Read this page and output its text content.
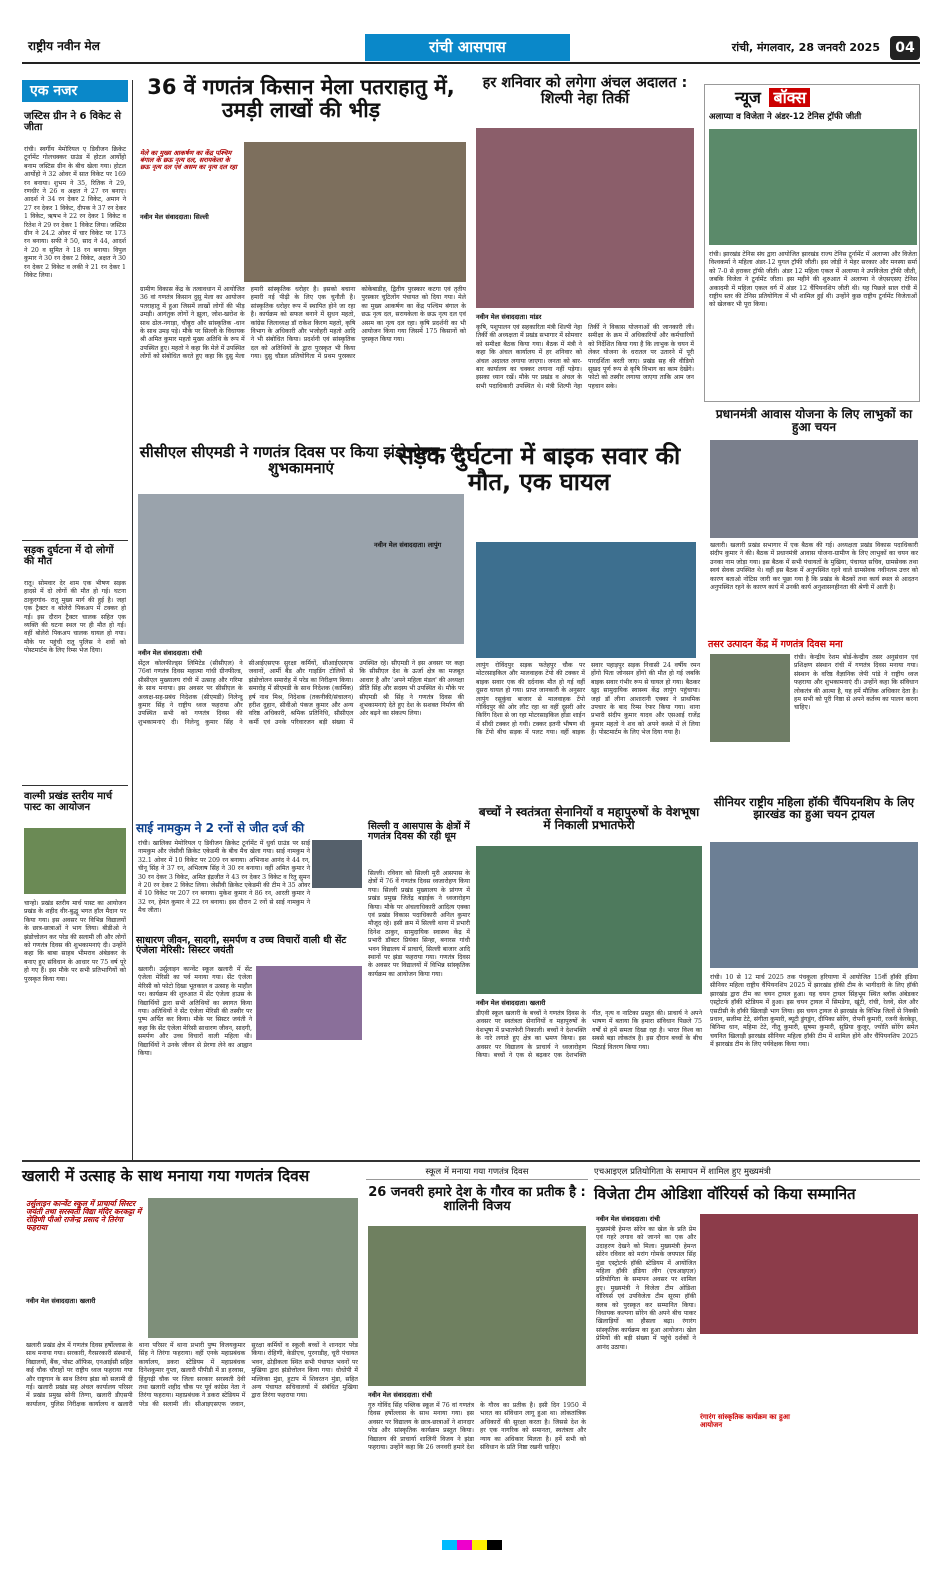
राष्ट्रीय नवीन मेल	रांची आसपास	रांची, मंगलवार, 28 जनवरी 2025	04
एक नजर
जस्टिस ग्रीन ने 6 विकेट से जीता
रांची। स्वर्गीय मेमोरियल ए डिवीजन क्रिकेट टूर्नामेंट गोलचक्कर ग्राउंड में होटल आर्योहो बनाम जस्टिस ग्रीन के बीच खेला गया। होटल आर्योहो ने 32 ओवर में सात विकेट पर 169 रन बनाया। शुभम ने 35, रितिक ने 29, रणधीर ने 26 व अक्षत ने 27 रन बनाए। आदर्श ने 34 रन देकर 2 विकेट, अमान ने 27 रन देकर 1 विकेट, दीपक ने 37 रन देकर 1 विकेट, ऋषभ ने 22 रन देकर 1 विकेट व रितेश ने 29 रन देकर 1 विकेट लिया। जस्टिस ग्रीन ने 24.2 ओवर में चार विकेट पर 173 रन बनाया। सफी ने 50, साद ने 44, आदर्श ने 20 व सुमित ने 18 रन बनाया। विपुल कुमार ने 30 रन देकर 2 विकेट, अक्षत ने 30 रन देकर 2 विकेट व लकी ने 21 रन देकर 1 विकेट लिया।
सड़क दुर्घटना में दो लोगों की मौत
रातू। सोमवार देर शाम एक भीषण सड़क हादसे में दो लोगों की मौत हो गई। घटना ठाकुरगांव- रातू मुख्य मार्ग की हुई है। जहां एक ट्रैक्टर व बोलेरो पिकअप में टक्कर हो गई। इस दौरान ट्रैक्टर चालक सहित एक व्यक्ति की घटना स्थल पर ही मौत हो गई। वहीं बोलेरो पिकअप चालक घायल हो गया। मौके पर पहुंची रातू पुलिस ने शवों को पोस्टमार्टम के लिए रिम्स भेज दिया।
वाल्मी प्रखंड स्तरीय मार्च पास्ट का आयोजन
चान्हो। प्रखंड स्तरीय मार्च पास्ट का आयोजन प्रखंड के शहीद वीर-बुद्धू भगत हॉल मैदान पर किया गया। इस अवसर पर विभिन्न विद्यालयों के छात्र-छात्राओं ने भाग लिया। बीडीओ ने झंडोत्तोलन कर परेड की सलामी ली और लोगों को गणतंत्र दिवस की शुभकामनाएं दी। उन्होंने कहा कि बाबा साहब भीमराव अंबेडकर के बनाए हुए संविधान के आधार पर 75 वर्ष पूरे हो गए हैं। इस मौके पर सभी प्रतिभागियों को पुरस्कृत किया गया।
36 वें गणतंत्र किसान मेला पतराहातु में, उमड़ी लाखों की भीड़
मेले का मुख्य आकर्षण का केंद्र पश्चिम बंगाल के छऊ नृत्य दल, सरायकेला के छऊ नृत्य दल एवं असम का नृत्य दल रहा
नवीन मेल संवाददाता। सिल्ली
ग्रामीण विकास केंद्र के तत्वावधान में आयोजित 36 वां गणतंत्र किसान दुसु मेला का आयोजन पतराहातु में हुआ जिसमें लाखों लोगों की भीड़ उमड़ी। आगंतुक लोगों ने झूला, जोश-खरोश के साथ ढोल-नगाड़ा, चौबुरा और सांस्कृतिक -धान के साथ उमड़ पड़े। मौके पर सिल्ली के विधायक श्री अमित कुमार महतो मुख्य अतिथि के रूप में उपस्थित हुए। महतो ने कहा कि मेले में उपस्थित लोगों को संबोधित करते हुए कहा कि दुसु मेला हमारी सांस्कृतिक धरोहर है। इसको बचाना हमारी नई पीढ़ी के लिए एक चुनौती है। सांस्कृतिक धरोहर रूप में स्थापित होने जा रहा है। कार्यक्रम को सफल बनाने में सुधन महतो, कांग्रेस जिलाध्यक्ष डॉ राकेश किरण महतो, कृषि विभाग के अधिकारी और भजोहरी महतो आदि ने भी संबोधित किया। प्रदर्शनी एवं सांस्कृतिक दल को अतिथियों के द्वारा पुरस्कृत भी किया गया। दुसु चौडल प्रतियोगिता में प्रथम पुरस्कार कोकेबाडीह, द्वितीय पुरस्कार कटगा एवं तृतीय पुरस्कार चुटिलोंग पंचायत को दिया गया। मेले का मुख्य आकर्षण का केंद्र पश्चिम बंगाल के छऊ नृत्य दल, सरायकेला के छऊ नृत्य दल एवं असम का नृत्य दल रहा। कृषि प्रदर्शनी का भी आयोजन किया गया जिसमें 175 किसानों को पुरस्कृत किया गया।
हर शनिवार को लगेगा अंचल अदालत : शिल्पी नेहा तिर्की
नवीन मेल संवाददाता। मांडर
कृषि, पशुपालन एवं सहकारिता मंत्री शिल्पी नेहा तिर्की की अध्यक्षता में प्रखंड सभागार में सोमवार को समीक्षा बैठक किया गया। बैठक में मंत्री ने कहा कि अंचल कार्यालय में हर शनिवार को अंचल अदालत लगाया जाएगा। जनता को बार-बार कार्यालय का चक्कर लगाना नहीं पड़ेगा। इसका ध्यान रखें। मौके पर प्रखंड व अंचल के सभी पदाधिकारी उपस्थित थे। मंत्री शिल्पी नेहा तिर्की ने विकास योजनाओं की जानकारी ली। समीक्षा के क्रम में अधिकारियों और कर्मचारियों को निर्देशित किया गया है कि लाभुक के चयन में लेकर योजना के धरातल पर उतारने में पूरी पारदर्शिता बरती जाए। प्रखंड सह की वीडियो सुखद पूर्ण रूप से कृषि विभाग का काम देखेंगे। फोटो को तस्वीर लगाया जाएगा ताकि आम जन पहचान सके।
न्यूज बॉक्स
अलाप्या व विजेता ने अंडर-12 टेनिस ट्रॉफी जीती
रांची। झारखंड टेनिस संघ द्वारा आयोजित झारखंड राज्य टेनिस टूर्नामेंट में अलाप्या और विजेता विश्वकर्मा ने महिला अंडर-12 युगल ट्रॉफी जीती। इस जोड़ी ने मेहर सरकार और मनस्या सर्मा को 7-0 से हराकर ट्रॉफी जीती। अंडर 12 महिला एकल में अलाप्या ने उपविजेता ट्रॉफी जीती, जबकि विजेता ने टूर्नामेंट जीता। इस महीने की शुरुआत में अलाप्या ने जेएसएसए टेनिस अकादमी में महिला एकल वर्ग में अंडर 12 चैंपियनशिप जीती थी। यह पिछले साल रांची में राष्ट्रीय स्तर की टेनिस प्रतियोगिता में भी शामिल हुई थी। उन्होंने कुछ राष्ट्रीय टूर्नामेंट विजेताओं को खेलकर भी पूरा किया।
प्रधानमंत्री आवास योजना के लिए लाभुकों का हुआ चयन
खलारी। खलारी प्रखंड सभागार में एक बैठक की गई। अध्यक्षता प्रखंड विकास पदाधिकारी संदीप कुमार ने की। बैठक में प्रधानमंत्री आवास योजना-ग्रामीण के लिए लाभुकों का चयन कर उनका नाम जोड़ा गया। इस बैठक में सभी पंचायतों के मुखिया, पंचायत सचिव, ग्रामसेवक तथा स्वयं सेवक उपस्थित थे। वहीं इस बैठक में अनुपस्थित रहने वाले ग्रामसेवक नवीनतम उत्तर को कारण बताओ नोटिस जारी कर पूछा गया है कि प्रखंड के बैठकों तथा कार्य स्थल से आदतन अनुपस्थित रहने के कारण कार्य में उनकी कार्य अनुशासनहीनता की श्रेणी में आती है।
तसर उत्पादन केंद्र में गणतंत्र दिवस मना
रांची। केन्द्रीय रेशम बोर्ड-केन्द्रीय तसर अनुसंधान एवं प्रशिक्षण संस्थान रांची में गणतंत्र दिवस मनाया गया। संस्थान के वरिष्ठ वैज्ञानिक जेपी पांडे ने राष्ट्रीय ध्वज फहराया और शुभकामनाएं दी। उन्होंने कहा कि संविधान लोकतंत्र की आत्मा है, यह हमें मौलिक अधिकार देता है। हम सभी को पूरी निष्ठा से अपने कर्तव्य का पालन करना चाहिए।
सीनियर राष्ट्रीय महिला हॉकी चैंपियनशिप के लिए झारखंड का हुआ चयन ट्रायल
रांची। 10 से 12 मार्च 2025 तक पंचकूला हरियाणा में आयोजित 15वीं हॉकी इंडिया सीनियर महिला राष्ट्रीय चैंपियनशिप 2025 में झारखंड हॉकी टीम के भागीदारी के लिए हॉकी झारखंड द्वारा टीम का चयन ट्रायल हुआ। यह चयन ट्रायल सिंहभूम स्थित ब्लॉक अंबेडकर एस्ट्रोटर्फ हॉकी स्टेडियम में हुआ। इस चयन ट्रायल में सिमडेगा, खूंटी, रांची, रेलवे, सेल और एसटीसी के हॉकी खिलाड़ी भाग लिया। इस चयन ट्रायल से झारखंड के विभिन्न जिलों से निक्की प्रधान, सलीमा टेटे, संगीता कुमारी, ब्यूटी डुंगडुंग, दीपिका सोरेंग, रोपनी कुमारी, रजनी केरकेट्टा, बिनिमा धान, महिमा टेटे, नीतू कुमारी, सुषमा कुमारी, सुप्रिया कुजूर, ज्योति सोरेंग समेत चयनित खिलाड़ी झारखंड सीनियर महिला हॉकी टीम में शामिल होंगे और चैंपियनशिप 2025 में झारखंड टीम के लिए पर्यवेक्षक किया गया।
सीसीएल सीएमडी ने गणतंत्र दिवस पर किया झंडोत्तोलन, दी शुभकामनाएं
नवीन मेल संवाददाता। रांची
सेंट्रल कोलफील्ड्स लिमिटेड (सीसीएल) ने 76वां गणतंत्र दिवस महात्मा गांधी ग्रीनफील्ड, सीसीएल मुख्यालय रांची में उत्साह और गरिमा के साथ मनाया। इस अवसर पर सीसीएल के अध्यक्ष-सह-प्रबंध निदेशक (सीएमडी) निलेन्दु कुमार सिंह ने राष्ट्रीय ध्वज फहराया और उपस्थित सभी को गणतंत्र दिवस की शुभकामनाएं दी। निलेन्दु कुमार सिंह ने सीआईएसएफ सुरक्षा कर्मियों, सीआईएसएफ जवानों, आर्मी बैंड और गाइडिंग टोलियों से झंडोत्तोलन समारोह में परेड का निरीक्षण किया। समारोह में सीएमडी के साथ निदेशक (कार्मिक) हर्ष नाथ मिश्र, निदेशक (तकनीकी/संचालन) हरीश दुहान, सीवीओ पंकज कुमार और अन्य वरिष्ठ अधिकारी, श्रमिक प्रतिनिधि, सीसीएल कर्मी एवं उनके परिवारजन बड़ी संख्या में उपस्थित रहे। सीएमडी ने इस अवसर पर कहा कि सीसीएल देश के ऊर्जा क्षेत्र का मजबूत आधार है और 'अपने महिला मंडल' की अध्यक्षा प्रीति सिंह और सदस्य भी उपस्थित थे। मौके पर सीएमडी श्री सिंह ने गणतंत्र दिवस की शुभकामनाएं देते हुए देश के सशक्त निर्माण की ओर बढ़ने का संकल्प लिया।
सड़क दुर्घटना में बाइक सवार की मौत, एक घायल
नवीन मेल संवाददाता। लापुंग
लापुंग रोविंदपुर सड़क फतेहपुर चौक पर मोटरसाइकिल और मालवाहक टेंपो की टक्कर में बाइक सवार एक की दर्दनाक मौत हो गई वहीं दूसरा घायल हो गया। प्राप्त जानकारी के अनुसार लापुंग रसुकुंवा बाजार से मालवाहक टेंपो गोविंदपुर की ओर लौट रहा था वहीं दूसरी ओर किरिंग दिशा से जा रहा मोटरसाइकिल होंडा शाईन में सीधी टक्कर हो गयी। टक्कर इतनी भीषण थी कि टेंपो बीच सड़क में पलट गया। वहीं बाइक सवार पहाड़पुर सड़क निवासी 24 वर्षीय रमन होंगो पिता जोनसन होंगो की मौत हो गई जबकि बाइक सवार गंभीर रूप से घायल हो गया। बैठकर खुद सामुदायिक स्वास्थ्य केंद्र लापुंग पहुंचाया। जहां डॉ लीना आशारानी एक्का ने प्राथमिक उपचार के बाद रिम्स रेफर किया गया। थाना प्रभारी संदीप कुमार यादव और एसआई राजेंद्र कुमार महतो ने शव को अपने कब्जे में ले लिया है। पोस्टमार्टम के लिए भेज दिया गया है।
साई नामकुम ने 2 रनों से जीत दर्ज की
रांची। खालिका मेमोरियल ए डिवीजन क्रिकेट टूर्नामेंट में धुर्वा ग्राउंड पर साई नामकुम और जेसीवी क्रिकेट एकेडमी के बीच मैच खेला गया। साई नामकुम ने 32.1 ओवर में 10 विकेट पर 209 रन बनाया। अभिनाश आनंद ने 44 रन, चीनू सिंह ने 37 रन, अभिलाष सिंह ने 30 रन बनाया। वहीं अमित कुमार ने 30 रन देकर 3 विकेट, अमित इंद्रजीत ने 43 रन देकर 3 विकेट व रितु सुमन ने 20 रन देकर 2 विकेट लिया। जेसीवी क्रिकेट एकेडमी की टीम ने 35 ओवर में 10 विकेट पर 207 रन बनाया। मुकेश कुमार ने 86 रन, आरती कुमार ने 32 रन, हेमंत कुमार ने 22 रन बनाया। इस दौरान 2 रनों से साई नामकुम ने मैच जीता।
साधारण जीवन, सादगी, समर्पण व उच्च विचारों वाली थी सेंट एंजेला मेरिसी: सिस्टर जयंती
खलारी। उर्सुलाइन कान्वेंट स्कूल खलारी में सेंट एंजेला मेरिसी का पर्व मनाया गया। सेंट एंजेला मेरिसी को फोटो दिखा भूतकाल व उत्साह के माहौल पर। कार्यक्रम की शुरुआत में सेंट एंजेला हाउस के विद्यार्थियों द्वारा सभी अतिथियों का स्वागत किया गया। अतिथियों ने सेंट एंजेला मेरिसी की तस्वीर पर पुष्प अर्पित कर किया। मौके पर सिस्टर जयंती ने कहा कि सेंट एंजेला मेरिसी साधारण जीवन, सादगी, समर्पण और उच्च विचारों वाली महिला थी। विद्यार्थियों ने उनके जीवन से प्रेरणा लेने का आह्वान किया।
सिल्ली व आसपास के क्षेत्रों में गणतंत्र दिवस की रही धूम
सिल्ली। रविवार को सिल्ली मुरी आसपास के क्षेत्रों में 76 वें गणतंत्र दिवस ध्वजारोहण किया गया। सिल्ली प्रखंड मुख्यालय के प्रांगण में प्रखंड प्रमुख जितेंद्र बड़ाईक ने ध्वजारोहण किया। मौके पर अंचलाधिकारी आदित्य एक्का एवं प्रखंड विकास पदाधिकारी अनिल कुमार मौजूद रहे। इसी क्रम में सिल्ली थाना में प्रभारी दिनेश ठाकुर, सामुदायिक स्वास्थ्य केंद्र में प्रभारी डॉक्टर प्रियंका सिन्हा, बनारस गांधी भवन विद्यालय में प्राचार्य, सिल्ली बाजार आदि स्थानों पर झंडा फहराया गया। गणतंत्र दिवस के अवसर पर विद्यालयों में विभिन्न सांस्कृतिक कार्यक्रम का आयोजन किया गया।
बच्चों ने स्वतंत्रता सेनानियों व महापुरुषों के वेशभूषा में निकाली प्रभातफेरी
नवीन मेल संवाददाता। खलारी
डीएवी स्कूल खलारी के बच्चों ने गणतंत्र दिवस के अवसर पर स्वतंत्रता सेनानियों व महापुरुषों के वेशभूषा में प्रभातफेरी निकाली। बच्चों ने देशभक्ति के नारे लगाते हुए क्षेत्र का भ्रमण किया। इस अवसर पर विद्यालय के प्राचार्य ने ध्वजारोहण किया। बच्चों ने एक से बढ़कर एक देशभक्ति गीत, नृत्य व नाटिका प्रस्तुत की। प्राचार्य ने अपने भाषण में बताया कि हमारा संविधान पिछले 75 वर्षों से हमें समता दिखा रहा है। भारत विश्व का सबसे बड़ा लोकतंत्र है। इस दौरान बच्चों के बीच मिठाई वितरण किया गया।
खलारी में उत्साह के साथ मनाया गया गणतंत्र दिवस
उर्सुलाइन कान्वेंट स्कूल में प्राचार्या सिस्टर जयंती तथा सरस्वती विद्या मंदिर करकट्टा में रोहिणी पीओ राजेन्द्र प्रसाद ने तिरंगा फहराया
नवीन मेल संवाददाता। खलारी
खलारी प्रखंड क्षेत्र में गणतंत्र दिवस हर्षोल्लास के साथ मनाया गया। सरकारी, गैरसरकारी संस्थानों, विद्यालयों, बैंक, पोस्ट ऑफिस, एनआईसी सहित कई चौक चौराहों पर राष्ट्रीय ध्वज फहराया गया और राष्ट्रगान के साथ तिरंगा झंडा को सलामी दी गई। खलारी प्रखंड सह अंचल कार्यालय परिसर में प्रखंड प्रमुख सोनी तिग्गा, खलारी डीएसपी कार्यालय, पुलिस निरीक्षक कार्यालय व खलारी थाना परिसर में थाना प्रभारी पुष्प विजयकुमार सिंह ने तिरंगा फहराया। वहीं एनके महाप्रबंधक कार्यालय, डकरा स्टेडियम में महाप्रबंधक दिनेशकुमार गुप्ता, खलारी पीपीडी में डा हरवास, हिंदुगढ़ी चौक पर जिला सरकार सरस्वती देवी तथा खलारी शहीद चौक पर पूर्व कांग्रेस नेता ने तिरंगा फहराया। महाप्रबंधक ने डकरा स्टेडियम में परेड की सलामी ली। सीआइएसएफ जवान, सुरक्षा कर्मियों व स्कूली बच्चों ने शानदार परेड किया। रोहिणी, केडीएच, पुरनाडीह, चूरी पंचायत भवन, ढोड़ीकला स्थित सभी पंचायत भवनों पर मुखिया द्वारा झंडोत्तोलन किया गया। धोधोपी में मल्लिका मुंडा, हुटाप में शिवरतन मुंडा, सहित अन्य पंचायत सचिवालयों में संबंधित मुखिया द्वारा तिरंगा फहराया गया।
स्कूल में मनाया गया गणतंत्र दिवस
26 जनवरी हमारे देश के गौरव का प्रतीक है : शालिनी विजय
नवीन मेल संवाददाता। रांची
गुरु गोविंद सिंह पब्लिक स्कूल में 76 वां गणतंत्र दिवस हर्षोल्लास के साथ मनाया गया। इस अवसर पर विद्यालय के छात्र-छात्राओं ने शानदार परेड और सांस्कृतिक कार्यक्रम प्रस्तुत किया। विद्यालय की प्राचार्या शालिनी विजय ने झंडा फहराया। उन्होंने कहा कि 26 जनवरी हमारे देश के गौरव का प्रतीक है। इसी दिन 1950 में भारत का संविधान लागू हुआ था। लोकतांत्रिक अधिकारों की सुरक्षा करता है। जिससे देश के हर एक नागरिक को समानता, स्वतंत्रता और न्याय का अधिकार मिलता है। हमें सभी को संविधान के प्रति निष्ठा रखनी चाहिए।
एचआइएल प्रतियोगिता के समापन में शामिल हुए मुख्यमंत्री
विजेता टीम ओडिशा वॉरियर्स को किया सम्मानित
नवीन मेल संवाददाता। रांची
मुख्यमंत्री हेमन्त सोरेन का खेल के प्रति प्रेम एवं गहरे लगाव को जानने का एक और उदाहरण देखने को मिला। मुख्यमंत्री हेमन्त सोरेन रविवार को मरांग गोमके जयपाल सिंह मुंडा एस्ट्रोटर्फ हॉकी स्टेडियम में आयोजित महिला हॉकी इंडिया लीग (एचआइएल) प्रतियोगिता के समापन अवसर पर शामिल हुए। मुख्यमंत्री ने विजेता टीम ओडिशा वॉरियर्स एवं उपविजेता टीम सूरमा हॉकी क्लब को पुरस्कृत कर सम्मानित किया। विधायक कल्पना सोरेन की अपने बीच पाकर खिलाड़ियों का हौसला बढ़ा। रंगारंग सांस्कृतिक कार्यक्रम का हुआ आयोजन। खेल प्रेमियों की बड़ी संख्या में पहुंचे दर्शकों ने आनंद उठाया।
रंगारंग सांस्कृतिक कार्यक्रम का हुआ आयोजन
